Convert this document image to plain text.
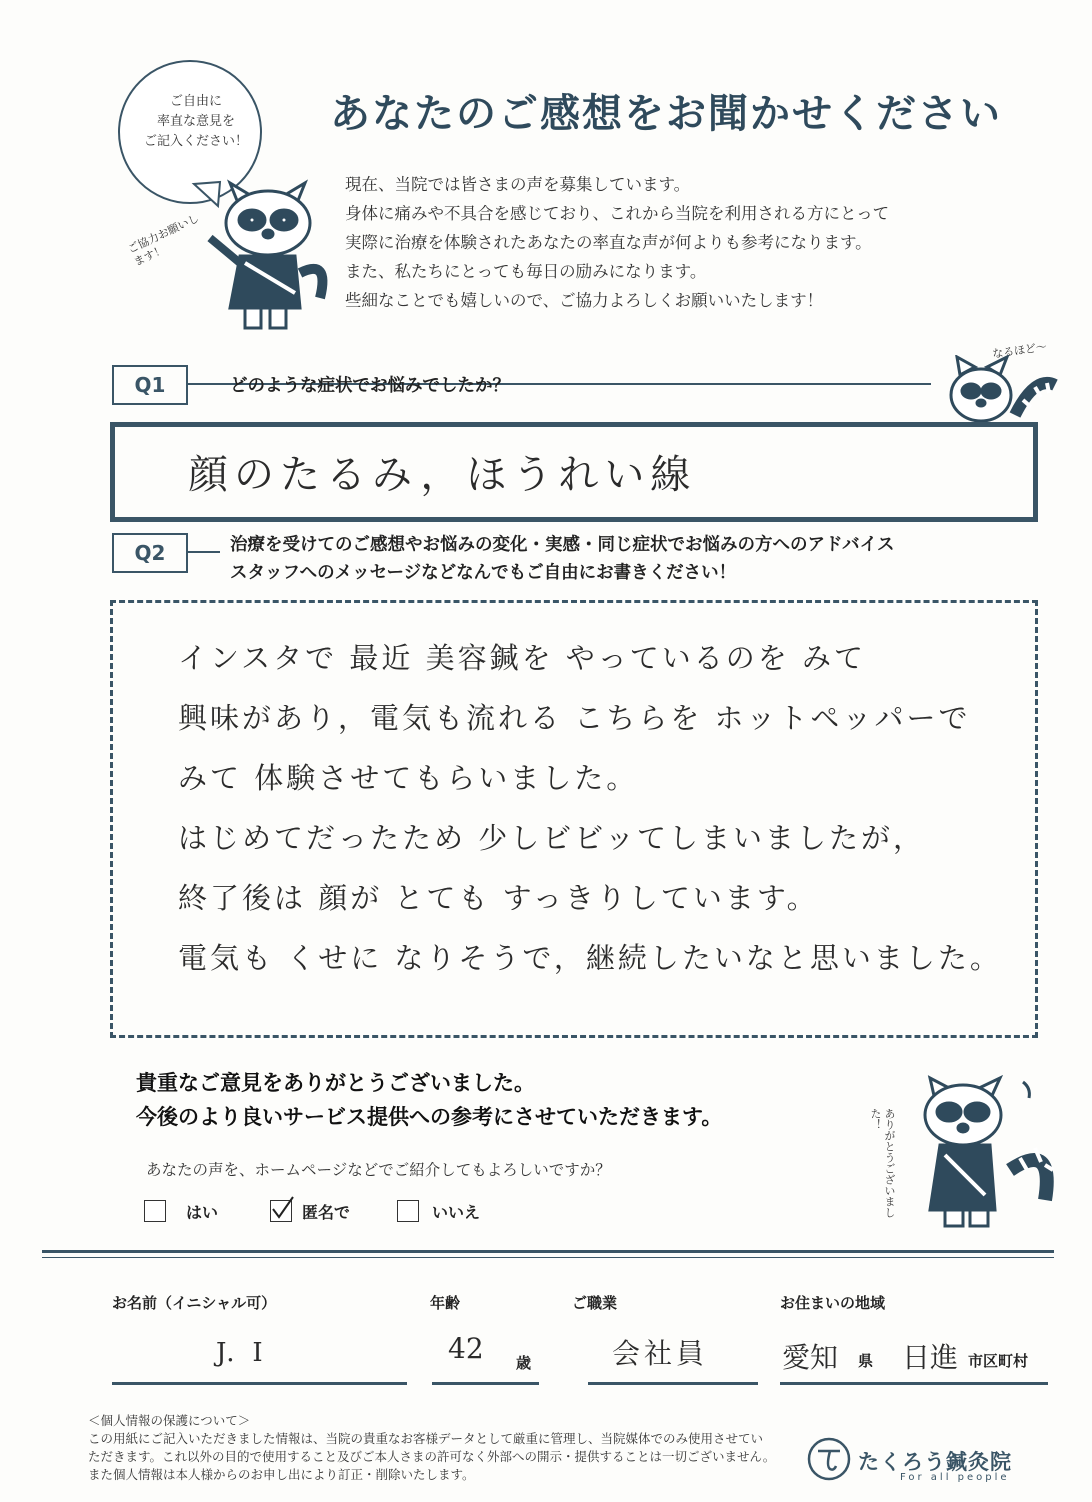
ご自由に
率直な意見を
ご記入ください！
ご協力お願いします！
あなたのご感想をお聞かせください
現在、当院では皆さまの声を募集しています。
身体に痛みや不具合を感じており、これから当院を利用される方にとって
実際に治療を体験されたあなたの率直な声が何よりも参考になります。
また、私たちにとっても毎日の励みになります。
些細なことでも嬉しいので、ご協力よろしくお願いいたします！
Q1	どのような症状でお悩みでしたか？
なるほど〜
顔のたるみ，ほうれい線
Q2	治療を受けてのご感想やお悩みの変化・実感・同じ症状でお悩みの方へのアドバイス
スタッフへのメッセージなどなんでもご自由にお書きください！
インスタで 最近 美容鍼を やっているのを みて
興味があり，電気も流れる こちらを ホットペッパーで
みて 体験させてもらいました。
はじめてだったため 少しビビッてしまいましたが，
終了後は 顔が とても すっきりしています。
電気も くせに なりそうで，継続したいなと思いました。
貴重なご意見をありがとうございました。
今後のより良いサービス提供への参考にさせていただきます。	ありがとうございました！
あなたの声を、ホームページなどでご紹介してもよろしいですか？
はい	匿名で	いいえ
お名前（イニシャル可）
J．I
年齢
42 歳
ご職業
会社員
お住まいの地域
愛知 県 日進 市区町村
＜個人情報の保護について＞
この用紙にご記入いただきました情報は、当院の貴重なお客様データとして厳重に管理し、当院媒体でのみ使用させてい
ただきます。これ以外の目的で使用すること及びご本人さまの許可なく外部への開示・提供することは一切ございません。
また個人情報は本人様からのお申し出により訂正・削除いたします。
たくろう鍼灸院
For all people
